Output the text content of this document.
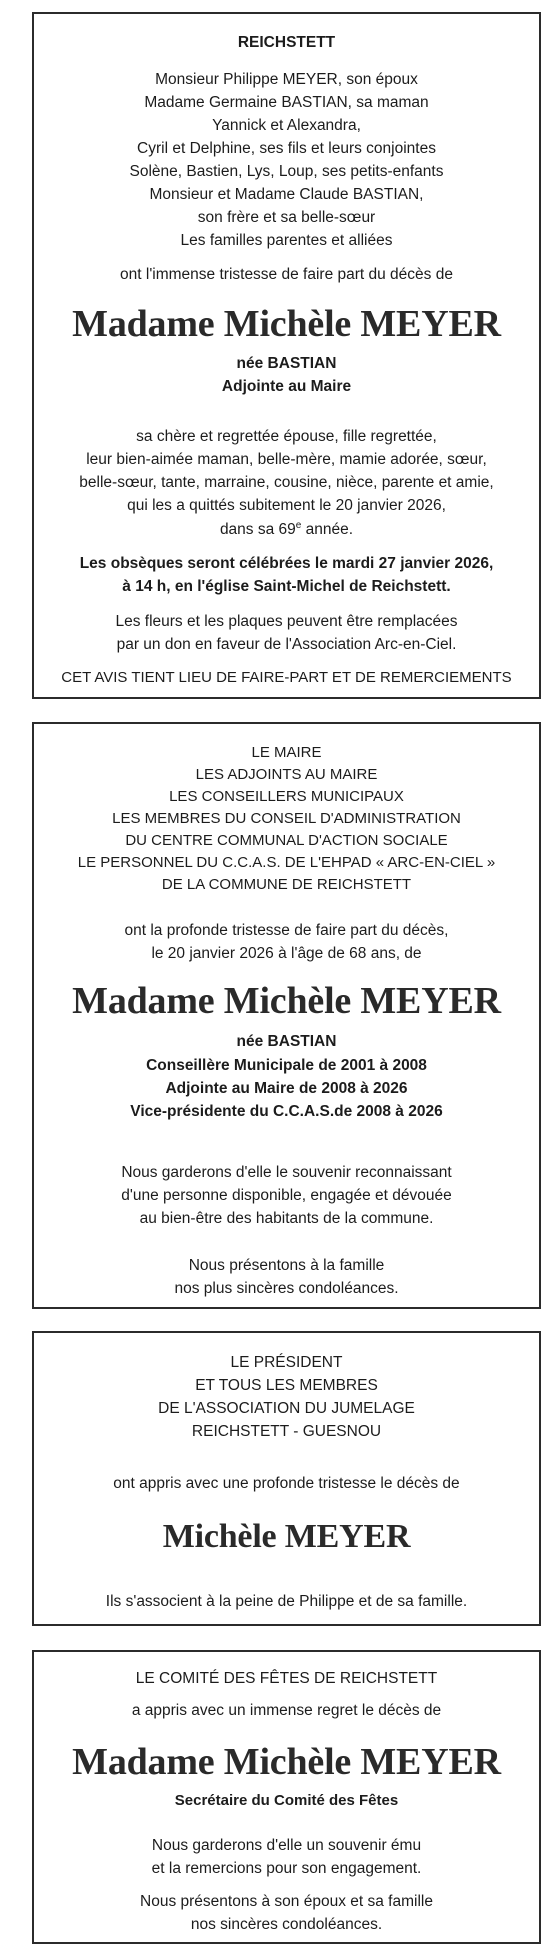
REICHSTETT
Monsieur Philippe MEYER, son époux
Madame Germaine BASTIAN, sa maman
Yannick et Alexandra,
Cyril et Delphine, ses fils et leurs conjointes
Solène, Bastien, Lys, Loup, ses petits-enfants
Monsieur et Madame Claude BASTIAN,
son frère et sa belle-sœur
Les familles parentes et alliées
ont l'immense tristesse de faire part du décès de
Madame Michèle MEYER
née BASTIAN
Adjointe au Maire
sa chère et regrettée épouse, fille regrettée,
leur bien-aimée maman, belle-mère, mamie adorée, sœur,
belle-sœur, tante, marraine, cousine, nièce, parente et amie,
qui les a quittés subitement le 20 janvier 2026,
dans sa 69e année.
Les obsèques seront célébrées le mardi 27 janvier 2026,
à 14 h, en l'église Saint-Michel de Reichstett.
Les fleurs et les plaques peuvent être remplacées
par un don en faveur de l'Association Arc-en-Ciel.
CET AVIS TIENT LIEU DE FAIRE-PART ET DE REMERCIEMENTS
LE MAIRE
LES ADJOINTS AU MAIRE
LES CONSEILLERS MUNICIPAUX
LES MEMBRES DU CONSEIL D'ADMINISTRATION
DU CENTRE COMMUNAL D'ACTION SOCIALE
LE PERSONNEL DU C.C.A.S. DE L'EHPAD « ARC-EN-CIEL »
DE LA COMMUNE DE REICHSTETT
ont la profonde tristesse de faire part du décès,
le 20 janvier 2026 à l'âge de 68 ans, de
Madame Michèle MEYER
née BASTIAN
Conseillère Municipale de 2001 à 2008
Adjointe au Maire de 2008 à 2026
Vice-présidente du C.C.A.S.de 2008 à 2026
Nous garderons d'elle le souvenir reconnaissant
d'une personne disponible, engagée et dévouée
au bien-être des habitants de la commune.
Nous présentons à la famille
nos plus sincères condoléances.
LE PRÉSIDENT
ET TOUS LES MEMBRES
DE L'ASSOCIATION DU JUMELAGE
REICHSTETT - GUESNOU
ont appris avec une profonde tristesse le décès de
Michèle MEYER
Ils s'associent à la peine de Philippe et de sa famille.
LE COMITÉ DES FÊTES DE REICHSTETT
a appris avec un immense regret le décès de
Madame Michèle MEYER
Secrétaire du Comité des Fêtes
Nous garderons d'elle un souvenir ému
et la remercions pour son engagement.
Nous présentons à son époux et sa famille
nos sincères condoléances.
